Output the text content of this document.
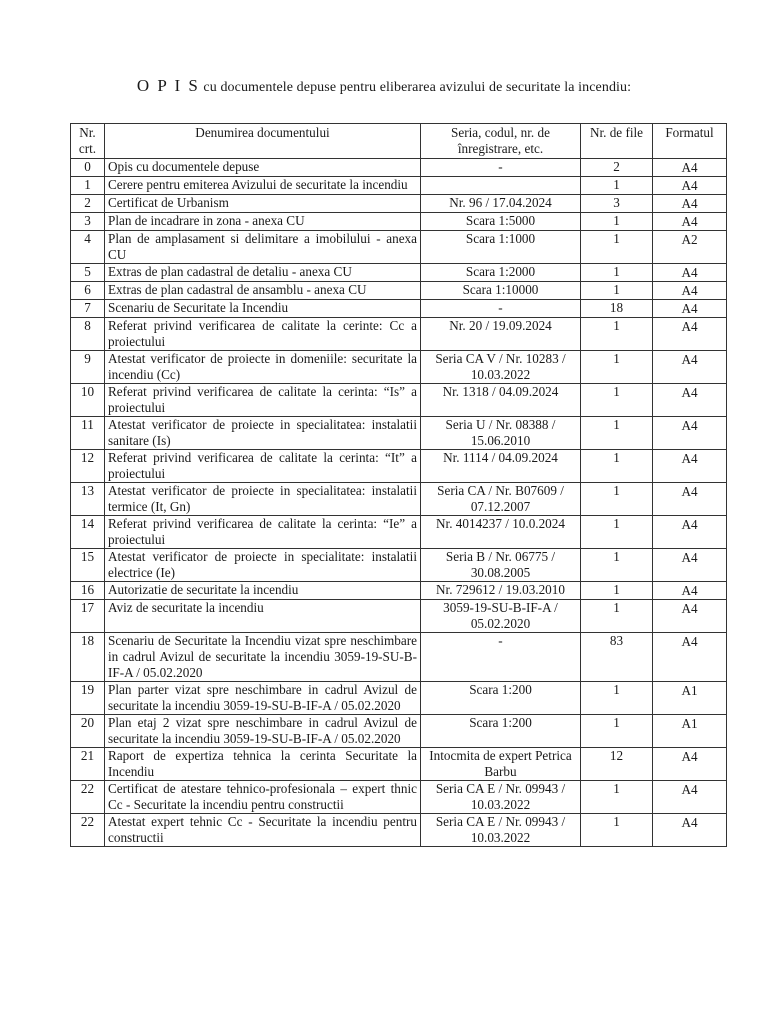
O P I S cu documentele depuse pentru eliberarea avizului de securitate la incendiu:
Nr. crt.	Denumirea documentului	Seria, codul, nr. de înregistrare, etc.	Nr. de file	Formatul
0	Opis cu documentele depuse	-	2	A4
1	Cerere pentru emiterea Avizului de securitate la incendiu		1	A4
2	Certificat de Urbanism	Nr. 96 / 17.04.2024	3	A4
3	Plan de incadrare in zona - anexa CU	Scara 1:5000	1	A4
4	Plan de amplasament si delimitare a imobilului - anexa CU	Scara 1:1000	1	A2
5	Extras de plan cadastral de detaliu - anexa CU	Scara 1:2000	1	A4
6	Extras de plan cadastral de ansamblu - anexa CU	Scara 1:10000	1	A4
7	Scenariu de Securitate la Incendiu	-	18	A4
8	Referat privind verificarea de calitate la cerinte: Cc a proiectului	Nr. 20 / 19.09.2024	1	A4
9	Atestat verificator de proiecte in domeniile: securitate la incendiu (Cc)	Seria CA V / Nr. 10283 / 10.03.2022	1	A4
10	Referat privind verificarea de calitate la cerinta: “Is” a proiectului	Nr. 1318 / 04.09.2024	1	A4
11	Atestat verificator de proiecte in specialitatea: instalatii sanitare (Is)	Seria U / Nr. 08388 / 15.06.2010	1	A4
12	Referat privind verificarea de calitate la cerinta: “It” a proiectului	Nr. 1114 / 04.09.2024	1	A4
13	Atestat verificator de proiecte in specialitatea: instalatii termice (It, Gn)	Seria CA / Nr. B07609 / 07.12.2007	1	A4
14	Referat privind verificarea de calitate la cerinta: “Ie” a proiectului	Nr. 4014237 / 10.0.2024	1	A4
15	Atestat verificator de proiecte in specialitate: instalatii electrice (Ie)	Seria B / Nr. 06775 / 30.08.2005	1	A4
16	Autorizatie de securitate la incendiu	Nr. 729612 / 19.03.2010	1	A4
17	Aviz de securitate la incendiu	3059-19-SU-B-IF-A / 05.02.2020	1	A4
18	Scenariu de Securitate la Incendiu vizat spre neschimbare in cadrul Avizul de securitate la incendiu 3059-19-SU-B-IF-A / 05.02.2020	-	83	A4
19	Plan parter vizat spre neschimbare in cadrul Avizul de securitate la incendiu 3059-19-SU-B-IF-A / 05.02.2020	Scara 1:200	1	A1
20	Plan etaj 2 vizat spre neschimbare in cadrul Avizul de securitate la incendiu 3059-19-SU-B-IF-A / 05.02.2020	Scara 1:200	1	A1
21	Raport de expertiza tehnica la cerinta Securitate la Incendiu	Intocmita de expert Petrica Barbu	12	A4
22	Certificat de atestare tehnico-profesionala – expert thnic Cc - Securitate la incendiu pentru constructii	Seria CA E / Nr. 09943 / 10.03.2022	1	A4
22	Atestat expert tehnic Cc - Securitate la incendiu pentru constructii	Seria CA E / Nr. 09943 / 10.03.2022	1	A4
